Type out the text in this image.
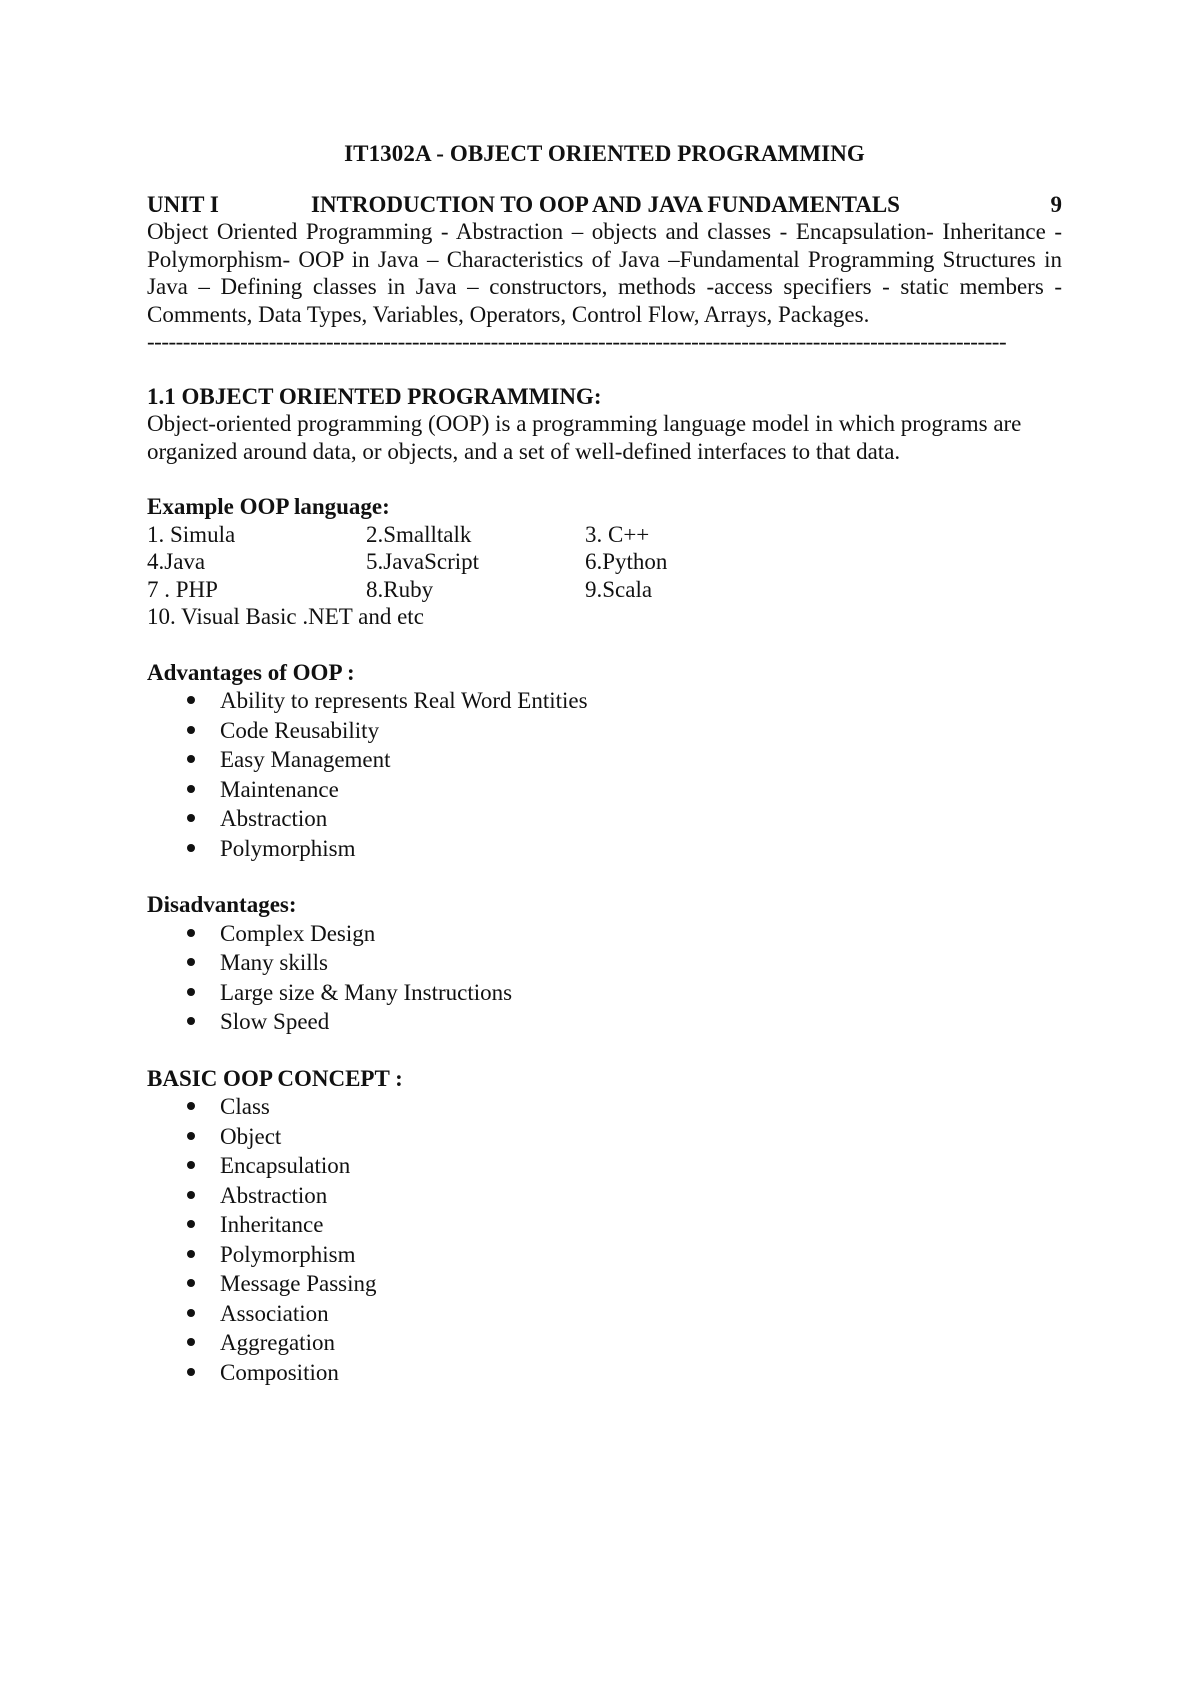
IT1302A - OBJECT ORIENTED PROGRAMMING
UNIT I	INTRODUCTION TO OOP AND JAVA FUNDAMENTALS	9

Object Oriented Programming - Abstraction – objects and classes - Encapsulation- Inheritance - Polymorphism- OOP in Java – Characteristics of Java –Fundamental Programming Structures in Java – Defining classes in Java – constructors, methods -access specifiers - static members -Comments, Data Types, Variables, Operators, Control Flow, Arrays, Packages.

------------------------------------------------------------------------------------------------------------------------
1.1 OBJECT ORIENTED PROGRAMMING:

Object-oriented programming (OOP) is a programming language model in which programs are organized around data, or objects, and a set of well-defined interfaces to that data.

Example OOP language:
1. Simula	2.Smalltalk	3. C++
4.Java	5.JavaScript	6.Python
7 . PHP	8.Ruby	9.Scala
10. Visual Basic .NET and etc
Advantages of OOP :
Ability to represents Real Word Entities
Code Reusability
Easy Management
Maintenance
Abstraction
Polymorphism
Disadvantages:
Complex Design
Many skills
Large size & Many Instructions
Slow Speed
BASIC OOP CONCEPT :
Class
Object
Encapsulation
Abstraction
Inheritance
Polymorphism
Message Passing
Association
Aggregation
Composition
